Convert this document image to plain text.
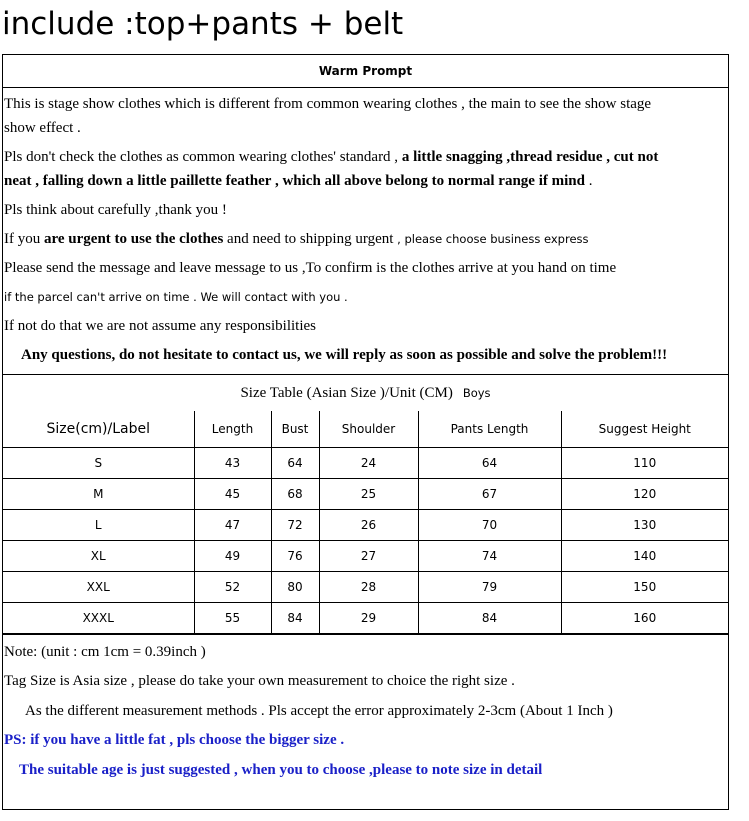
include :top+pants + belt
Warm Prompt
This is stage show clothes which is different from common wearing clothes , the main to see the show stage
show effect .
Pls don't check the clothes as common wearing clothes' standard , a little snagging ,thread residue , cut not
neat , falling down a little paillette feather , which all above belong to normal range if mind .
Pls think about carefully ,thank you !
If you are urgent to use the clothes and need to shipping urgent , please choose business express
Please send the message and leave message to us ,To confirm is the clothes arrive at you hand on time
if the parcel can't arrive on time . We will contact with you .
If not do that we are not assume any responsibilities
Any questions, do not hesitate to contact us, we will reply as soon as possible and solve the problem!!!
Size Table (Asian Size )/Unit (CM) Boys
Size(cm)/Label	Length	Bust	Shoulder	Pants Length	Suggest Height
S	43	64	24	64	110
M	45	68	25	67	120
L	47	72	26	70	130
XL	49	76	27	74	140
XXL	52	80	28	79	150
XXXL	55	84	29	84	160
Note: (unit : cm 1cm = 0.39inch )
Tag Size is Asia size , please do take your own measurement to choice the right size .
As the different measurement methods . Pls accept the error approximately 2-3cm (About 1 Inch )
PS: if you have a little fat , pls choose the bigger size .
The suitable age is just suggested , when you to choose ,please to note size in detail
